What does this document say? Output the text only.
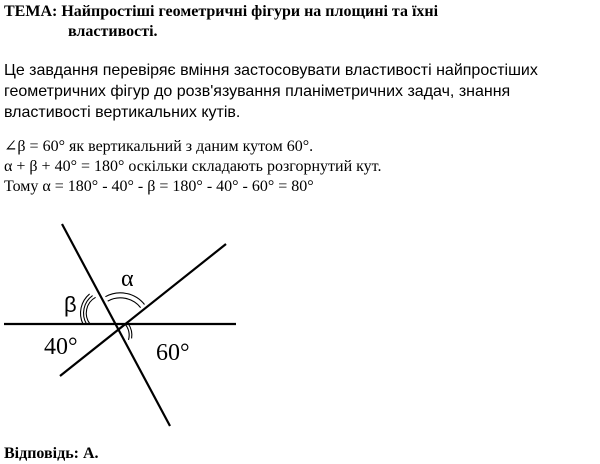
ТЕМА: Найпростіші геометричні фігури на площині та їхні
властивості.
Це завдання перевіряє вміння застосовувати властивості найпростіших геометричних фігур до розв'язування планіметричних задач, знання властивості вертикальних кутів.
∠β = 60° як вертикальний з даним кутом 60°.
α + β + 40° = 180° оскільки складають розгорнутий кут.
Тому α = 180° - 40° - β = 180° - 40° - 60° = 80°
α
β
40°	60°
Відповідь: А.
